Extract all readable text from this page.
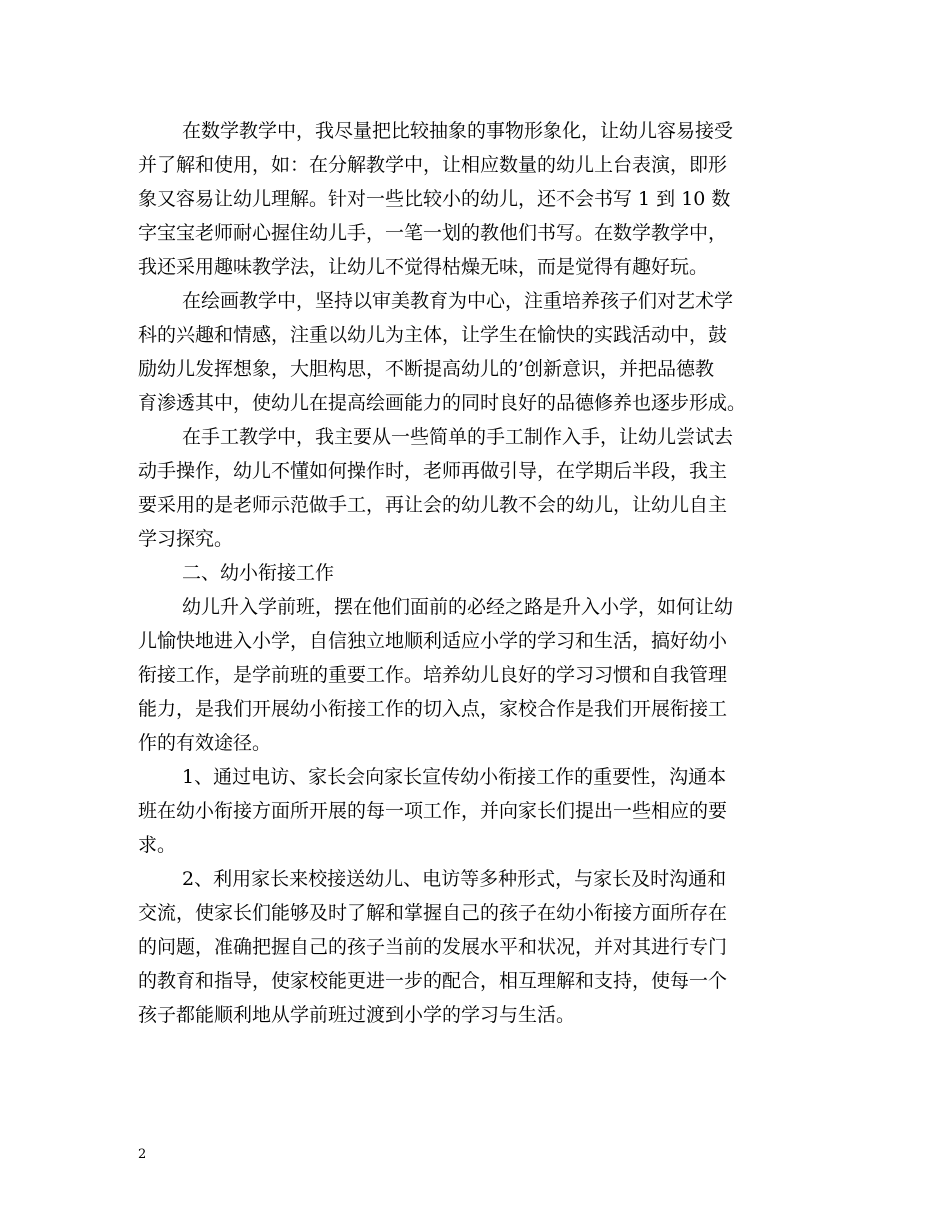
在数学教学中，我尽量把比较抽象的事物形象化，让幼儿容易接受
并了解和使用，如：在分解教学中，让相应数量的幼儿上台表演，即形
象又容易让幼儿理解。针对一些比较小的幼儿，还不会书写 1 到 10 数
字宝宝老师耐心握住幼儿手，一笔一划的教他们书写。在数学教学中，
我还采用趣味教学法，让幼儿不觉得枯燥无味，而是觉得有趣好玩。
在绘画教学中，坚持以审美教育为中心，注重培养孩子们对艺术学
科的兴趣和情感，注重以幼儿为主体，让学生在愉快的实践活动中，鼓
励幼儿发挥想象，大胆构思，不断提高幼儿的’创新意识，并把品德教
育渗透其中，使幼儿在提高绘画能力的同时良好的品德修养也逐步形成。
在手工教学中，我主要从一些简单的手工制作入手，让幼儿尝试去
动手操作，幼儿不懂如何操作时，老师再做引导，在学期后半段，我主
要采用的是老师示范做手工，再让会的幼儿教不会的幼儿，让幼儿自主
学习探究。
二、幼小衔接工作
幼儿升入学前班，摆在他们面前的必经之路是升入小学，如何让幼
儿愉快地进入小学，自信独立地顺利适应小学的学习和生活，搞好幼小
衔接工作，是学前班的重要工作。培养幼儿良好的学习习惯和自我管理
能力，是我们开展幼小衔接工作的切入点，家校合作是我们开展衔接工
作的有效途径。
1、通过电访、家长会向家长宣传幼小衔接工作的重要性，沟通本
班在幼小衔接方面所开展的每一项工作，并向家长们提出一些相应的要
求。
2、利用家长来校接送幼儿、电访等多种形式，与家长及时沟通和
交流，使家长们能够及时了解和掌握自己的孩子在幼小衔接方面所存在
的问题，准确把握自己的孩子当前的发展水平和状况，并对其进行专门
的教育和指导，使家校能更进一步的配合，相互理解和支持，使每一个
孩子都能顺利地从学前班过渡到小学的学习与生活。
2
